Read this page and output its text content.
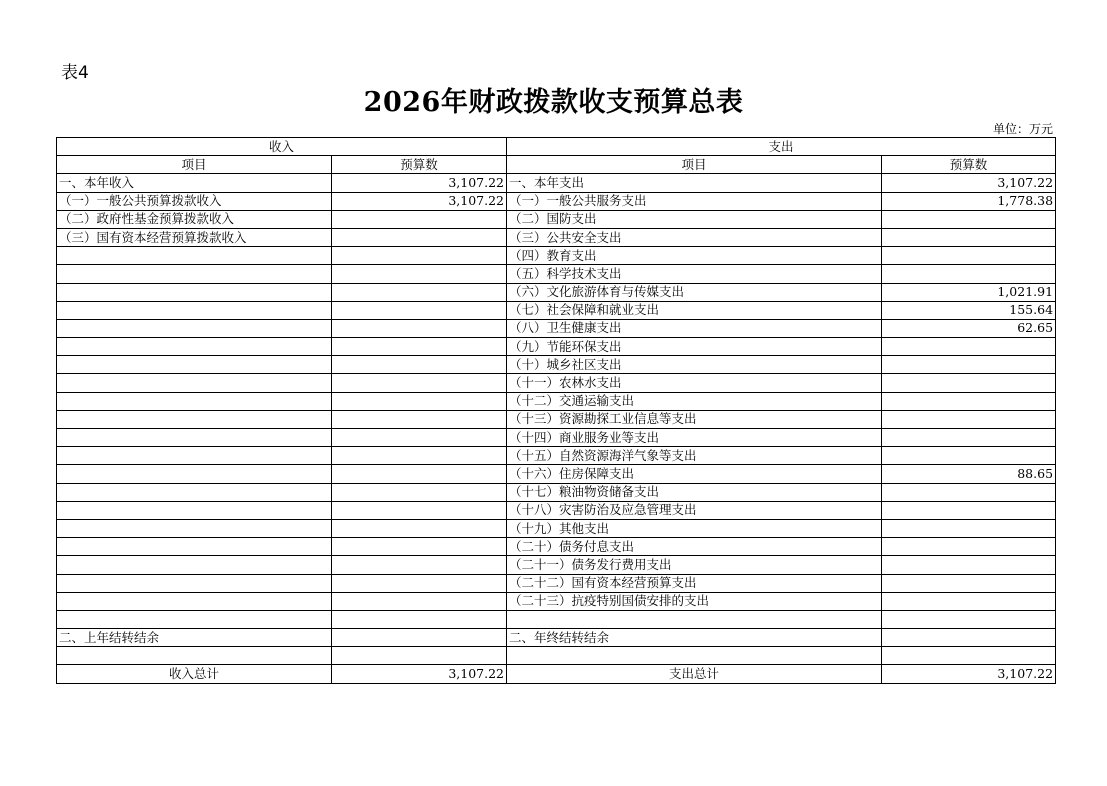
表4
2026年财政拨款收支预算总表
单位：万元
收入		支出	
项目	预算数	项目	预算数
一、本年收入	3,107.22	一、本年支出	3,107.22
（一）一般公共预算拨款收入	3,107.22	（一）一般公共服务支出	1,778.38
（二）政府性基金预算拨款收入		（二）国防支出	
（三）国有资本经营预算拨款收入		（三）公共安全支出	
		（四）教育支出	
		（五）科学技术支出	
		（六）文化旅游体育与传媒支出	1,021.91
		（七）社会保障和就业支出	155.64
		（八）卫生健康支出	62.65
		（九）节能环保支出	
		（十）城乡社区支出	
		（十一）农林水支出	
		（十二）交通运输支出	
		（十三）资源勘探工业信息等支出	
		（十四）商业服务业等支出	
		（十五）自然资源海洋气象等支出	
		（十六）住房保障支出	88.65
		（十七）粮油物资储备支出	
		（十八）灾害防治及应急管理支出	
		（十九）其他支出	
		（二十）债务付息支出	
		（二十一）债务发行费用支出	
		（二十二）国有资本经营预算支出	
		（二十三）抗疫特别国债安排的支出	

二、上年结转结余		二、年终结转结余	

收入总计	3,107.22	支出总计	3,107.22
